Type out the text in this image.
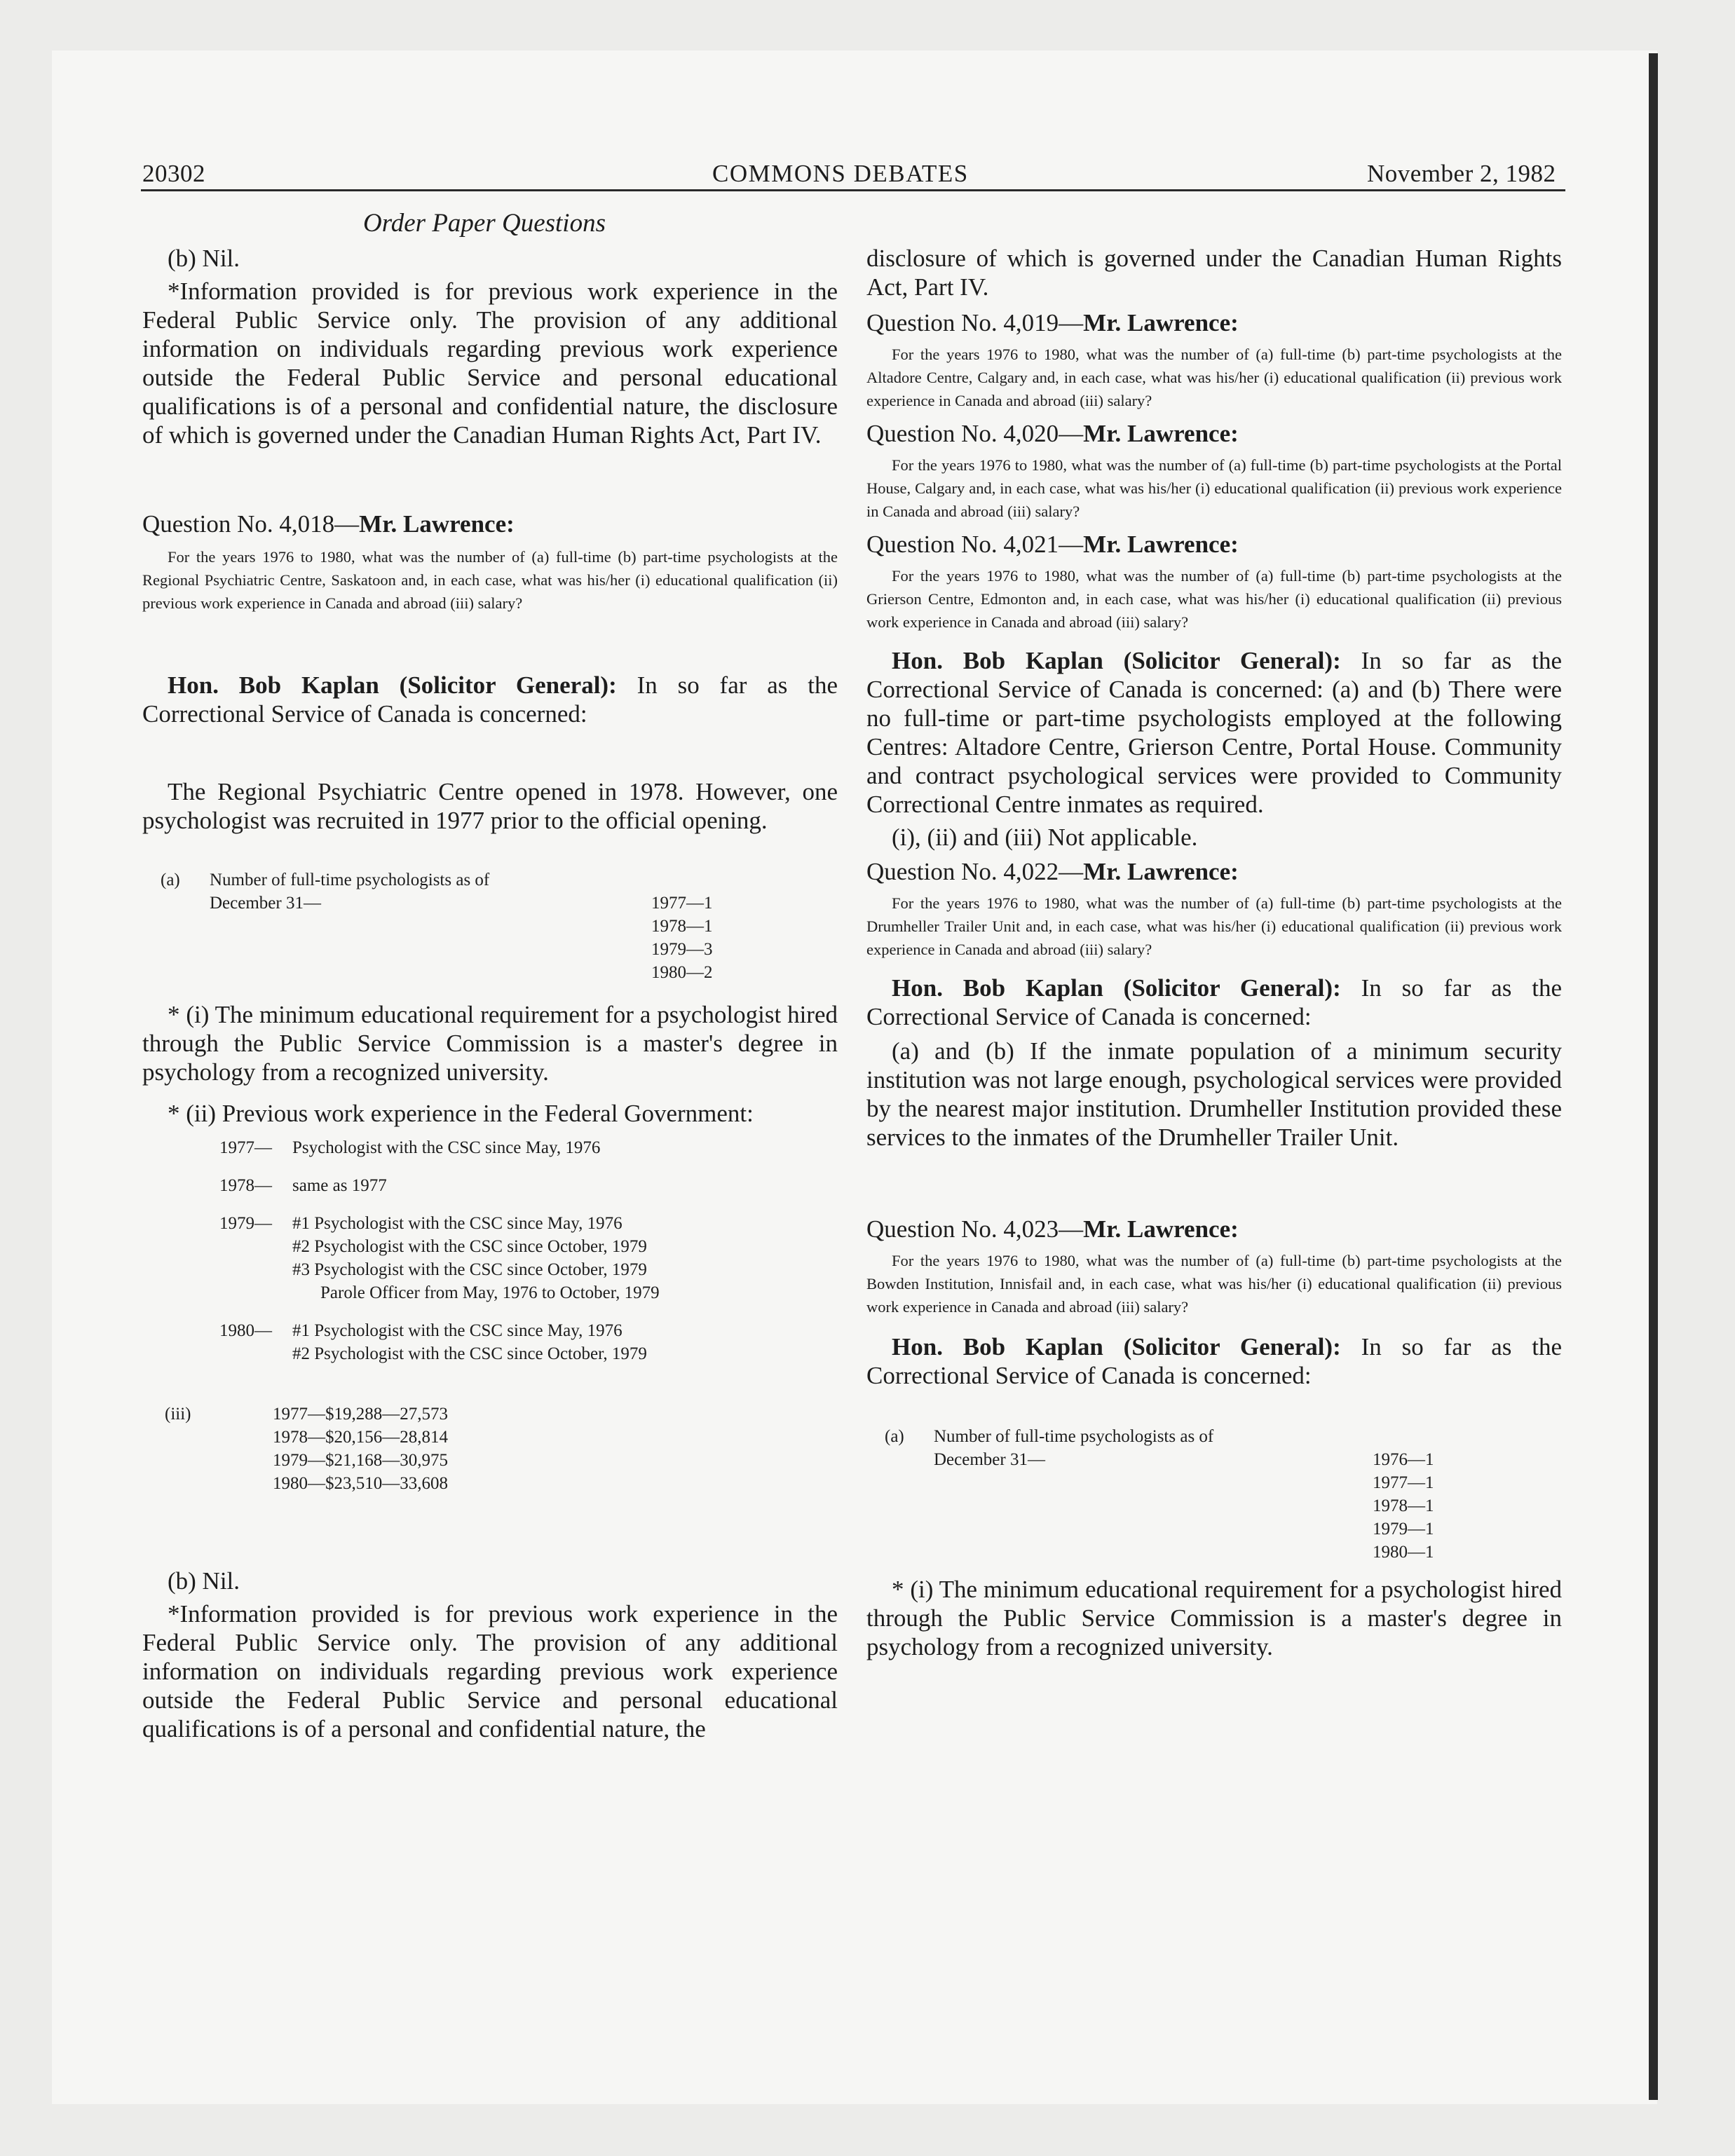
20302	COMMONS DEBATES	November 2, 1982
Order Paper Questions

(b) Nil.

*Information provided is for previous work experience in the Federal Public Service only. The provision of any additional information on individuals regarding previous work experience outside the Federal Public Service and personal educational qualifications is of a personal and confidential nature, the disclosure of which is governed under the Canadian Human Rights Act, Part IV.

Question No. 4,018—Mr. Lawrence:

For the years 1976 to 1980, what was the number of (a) full-time (b) part-time psychologists at the Regional Psychiatric Centre, Saskatoon and, in each case, what was his/her (i) educational qualification (ii) previous work experience in Canada and abroad (iii) salary?

Hon. Bob Kaplan (Solicitor General): In so far as the Correctional Service of Canada is concerned:

The Regional Psychiatric Centre opened in 1978. However, one psychologist was recruited in 1977 prior to the official opening.

(a) Number of full-time psychologists as of
December 31—	1977—1
1978—1
1979—3
1980—2

* (i) The minimum educational requirement for a psychologist hired through the Public Service Commission is a master's degree in psychology from a recognized university.

* (ii) Previous work experience in the Federal Government:

1977— Psychologist with the CSC since May, 1976
1978— same as 1977
1979— #1 Psychologist with the CSC since May, 1976
#2 Psychologist with the CSC since October, 1979
#3 Psychologist with the CSC since October, 1979
Parole Officer from May, 1976 to October, 1979
1980— #1 Psychologist with the CSC since May, 1976
#2 Psychologist with the CSC since October, 1979
(iii)	1977—$19,288—27,573
1978—$20,156—28,814
1979—$21,168—30,975
1980—$23,510—33,608

(b) Nil.

*Information provided is for previous work experience in the Federal Public Service only. The provision of any additional information on individuals regarding previous work experience outside the Federal Public Service and personal educational qualifications is of a personal and confidential nature, the

disclosure of which is governed under the Canadian Human Rights Act, Part IV.

Question No. 4,019—Mr. Lawrence:

For the years 1976 to 1980, what was the number of (a) full-time (b) part-time psychologists at the Altadore Centre, Calgary and, in each case, what was his/her (i) educational qualification (ii) previous work experience in Canada and abroad (iii) salary?

Question No. 4,020—Mr. Lawrence:

For the years 1976 to 1980, what was the number of (a) full-time (b) part-time psychologists at the Portal House, Calgary and, in each case, what was his/her (i) educational qualification (ii) previous work experience in Canada and abroad (iii) salary?

Question No. 4,021—Mr. Lawrence:

For the years 1976 to 1980, what was the number of (a) full-time (b) part-time psychologists at the Grierson Centre, Edmonton and, in each case, what was his/her (i) educational qualification (ii) previous work experience in Canada and abroad (iii) salary?

Hon. Bob Kaplan (Solicitor General): In so far as the Correctional Service of Canada is concerned: (a) and (b) There were no full-time or part-time psychologists employed at the following Centres: Altadore Centre, Grierson Centre, Portal House. Community and contract psychological services were provided to Community Correctional Centre inmates as required.

(i), (ii) and (iii) Not applicable.

Question No. 4,022—Mr. Lawrence:

For the years 1976 to 1980, what was the number of (a) full-time (b) part-time psychologists at the Drumheller Trailer Unit and, in each case, what was his/her (i) educational qualification (ii) previous work experience in Canada and abroad (iii) salary?

Hon. Bob Kaplan (Solicitor General): In so far as the Correctional Service of Canada is concerned:

(a) and (b) If the inmate population of a minimum security institution was not large enough, psychological services were provided by the nearest major institution. Drumheller Institution provided these services to the inmates of the Drumheller Trailer Unit.

Question No. 4,023—Mr. Lawrence:

For the years 1976 to 1980, what was the number of (a) full-time (b) part-time psychologists at the Bowden Institution, Innisfail and, in each case, what was his/her (i) educational qualification (ii) previous work experience in Canada and abroad (iii) salary?

Hon. Bob Kaplan (Solicitor General): In so far as the Correctional Service of Canada is concerned:

(a) Number of full-time psychologists as of
December 31—	1976—1
1977—1
1978—1
1979—1
1980—1

* (i) The minimum educational requirement for a psychologist hired through the Public Service Commission is a master's degree in psychology from a recognized university.
